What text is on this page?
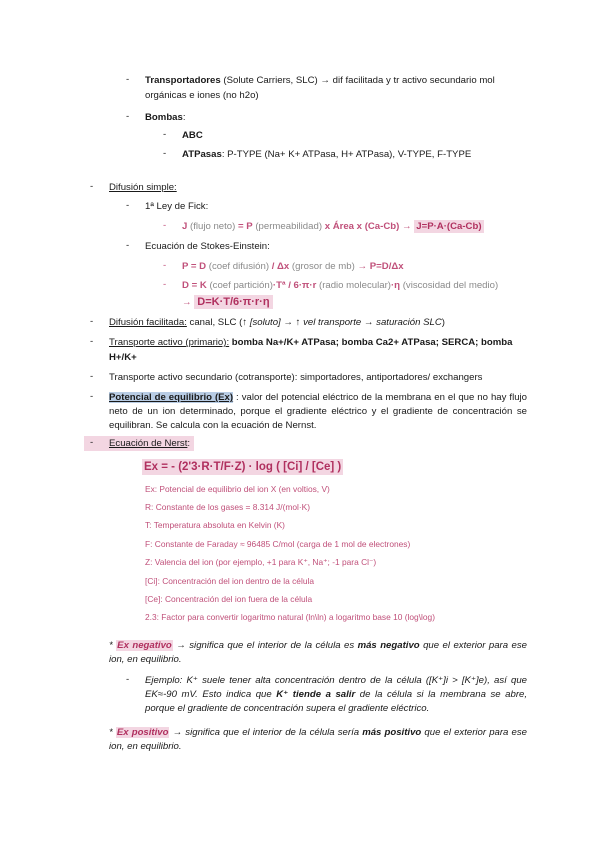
- Transportadores (Solute Carriers, SLC) → dif facilitada y tr activo secundario mol
orgánicas e iones (no h2o)
- Bombas:
- ABC
- ATPasas: P-TYPE (Na+ K+ ATPasa, H+ ATPasa), V-TYPE, F-TYPE
- Difusión simple:
- 1ª Ley de Fick:
- J (flujo neto) = P (permeabilidad) x Área x (Ca-Cb) → J=P·A·(Ca-Cb)
- Ecuación de Stokes-Einstein:
- P = D (coef difusión) / Δx (grosor de mb) → P=D/Δx
- D = K (coef partición)·Tª / 6·π·r (radio molecular)·η (viscosidad del medio)
→ D=K·T/6·π·r·η
- Difusión facilitada: canal, SLC (↑ [soluto] → ↑ vel transporte → saturación SLC)
- Transporte activo (primario): bomba Na+/K+ ATPasa; bomba Ca2+ ATPasa; SERCA; bomba
H+/K+
- Transporte activo secundario (cotransporte): simportadores, antiportadores/ exchangers
- Potencial de equilibrio (Ex) : valor del potencial eléctrico de la membrana en el que no hay flujo neto de un ion determinado, porque el gradiente eléctrico y el gradiente de concentración se equilibran. Se calcula con la ecuación de Nernst.
- Ecuación de Nerst:
Ex = - (2'3·R·T/F·Z) · log ( [Ci] / [Ce] )
Ex: Potencial de equilibrio del ion X (en voltios, V)
R: Constante de los gases = 8.314 J/(mol·K)
T: Temperatura absoluta en Kelvin (K)
F: Constante de Faraday ≈ 96485 C/mol (carga de 1 mol de electrones)
Z: Valencia del ion (por ejemplo, +1 para K⁺, Na⁺; -1 para Cl⁻)
[Ci]: Concentración del ion dentro de la célula
[Ce]: Concentración del ion fuera de la célula
2.3: Factor para convertir logaritmo natural (ln\ln) a logaritmo base 10 (log\log)
* Ex negativo → significa que el interior de la célula es más negativo que el exterior para ese ion, en equilibrio.
- Ejemplo: K⁺ suele tener alta concentración dentro de la célula ([K⁺]i > [K⁺]e), así que EK≈-90 mV. Esto indica que K⁺ tiende a salir de la célula si la membrana se abre, porque el gradiente de concentración supera el gradiente eléctrico.
* Ex positivo → significa que el interior de la célula sería más positivo que el exterior para ese ion, en equilibrio.
